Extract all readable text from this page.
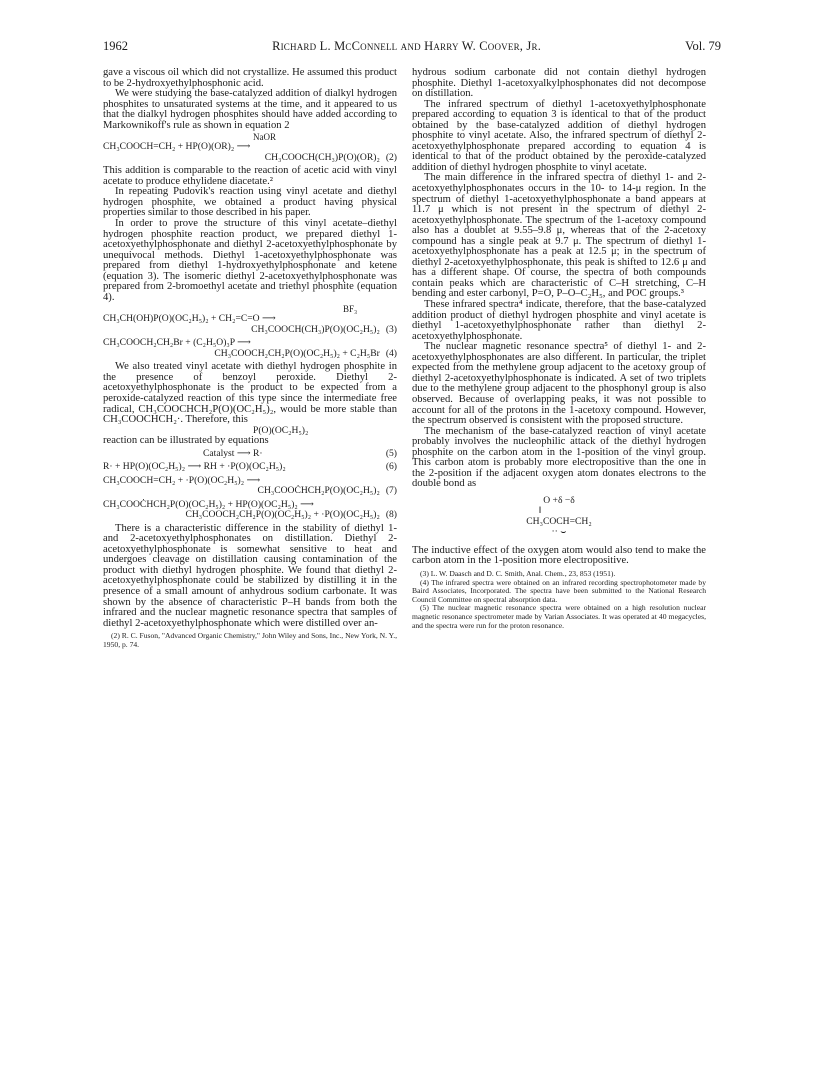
1962	Richard L. McConnell and Harry W. Coover, Jr.	Vol. 79

gave a viscous oil which did not crystallize. He assumed this product to be 2-hydroxyethylphosphonic acid.

We were studying the base-catalyzed addition of dialkyl hydrogen phosphites to unsaturated systems at the time, and it appeared to us that the dialkyl hydrogen phosphites should have added according to Markownikoff's rule as shown in equation 2

NaOR
CH₃COOCH=CH₂ + HP(O)(OR)₂ ⟶
CH₃COOCH(CH₃)P(O)(OR)₂ (2)

This addition is comparable to the reaction of acetic acid with vinyl acetate to produce ethylidene diacetate.²

In repeating Pudovik's reaction using vinyl acetate and diethyl hydrogen phosphite, we obtained a product having physical properties similar to those described in his paper.

In order to prove the structure of this vinyl acetate–diethyl hydrogen phosphite reaction product, we prepared diethyl 1-acetoxyethylphosphonate and diethyl 2-acetoxyethylphosphonate by unequivocal methods. Diethyl 1-acetoxyethylphosphonate was prepared from diethyl 1-hydroxyethylphosphonate and ketene (equation 3). The isomeric diethyl 2-acetoxyethylphosphonate was prepared from 2-bromoethyl acetate and triethyl phosphite (equation 4).

BF₃
CH₃CH(OH)P(O)(OC₂H₅)₂ + CH₂=C=O ⟶
CH₃COOCH(CH₃)P(O)(OC₂H₅)₂ (3)
CH₃COOCH₂CH₂Br + (C₂H₅O)₃P ⟶
CH₃COOCH₂CH₂P(O)(OC₂H₅)₂ + C₂H₅Br (4)

We also treated vinyl acetate with diethyl hydrogen phosphite in the presence of benzoyl peroxide. Diethyl 2-acetoxyethylphosphonate is the product to be expected from a peroxide-catalyzed reaction of this type since the intermediate free radical, CH₃COOCHCH₂P(O)(OC₂H₅)₂, would be more stable than CH₃COOCHCH₂·. Therefore, this

P(O)(OC₂H₅)₂

reaction can be illustrated by equations

Catalyst ⟶ R·	(5)
R· + HP(O)(OC₂H₅)₂ ⟶ RH + ·P(O)(OC₂H₅)₂	(6)
CH₃COOCH=CH₂ + ·P(O)(OC₂H₅)₂ ⟶
CH₃COOĊHCH₂P(O)(OC₂H₅)₂ (7)
CH₃COOĊHCH₂P(O)(OC₂H₅)₂ + HP(O)(OC₂H₅)₂ ⟶
CH₃COOCH₂CH₂P(O)(OC₂H₅)₂ + ·P(O)(OC₂H₅)₂ (8)

There is a characteristic difference in the stability of diethyl 1- and 2-acetoxyethylphosphonates on distillation. Diethyl 2-acetoxyethylphosphonate is somewhat sensitive to heat and undergoes cleavage on distillation causing contamination of the product with diethyl hydrogen phosphite. We found that diethyl 2-acetoxyethylphosphonate could be stabilized by distilling it in the presence of a small amount of anhydrous sodium carbonate. It was shown by the absence of characteristic P–H bands from both the infrared and the nuclear magnetic resonance spectra that samples of diethyl 2-acetoxyethylphosphonate which were distilled over an-

(2) R. C. Fuson, "Advanced Organic Chemistry," John Wiley and Sons, Inc., New York, N. Y., 1950, p. 74.

hydrous sodium carbonate did not contain diethyl hydrogen phosphite. Diethyl 1-acetoxyalkylphosphonates did not decompose on distillation.

The infrared spectrum of diethyl 1-acetoxyethylphosphonate prepared according to equation 3 is identical to that of the product obtained by the base-catalyzed addition of diethyl hydrogen phosphite to vinyl acetate. Also, the infrared spectrum of diethyl 2-acetoxyethylphosphonate prepared according to equation 4 is identical to that of the product obtained by the peroxide-catalyzed addition of diethyl hydrogen phosphite to vinyl acetate.

The main difference in the infrared spectra of diethyl 1- and 2-acetoxyethylphosphonates occurs in the 10- to 14-μ region. In the spectrum of diethyl 1-acetoxyethylphosphonate a band appears at 11.7 μ which is not present in the spectrum of diethyl 2-acetoxyethylphosphonate. The spectrum of the 1-acetoxy compound also has a doublet at 9.55–9.8 μ, whereas that of the 2-acetoxy compound has a single peak at 9.7 μ. The spectrum of diethyl 1-acetoxyethylphosphonate has a peak at 12.5 μ; in the spectrum of diethyl 2-acetoxyethylphosphonate, this peak is shifted to 12.6 μ and has a different shape. Of course, the spectra of both compounds contain peaks which are characteristic of C–H stretching, C–H bending and ester carbonyl, P=O, P–O–C₂H₅, and POC groups.³

These infrared spectra⁴ indicate, therefore, that the base-catalyzed addition product of diethyl hydrogen phosphite and vinyl acetate is diethyl 1-acetoxyethylphosphonate rather than diethyl 2-acetoxyethylphosphonate.

The nuclear magnetic resonance spectra⁵ of diethyl 1- and 2-acetoxyethylphosphonates are also different. In particular, the triplet expected from the methylene group adjacent to the acetoxy group of diethyl 2-acetoxyethylphosphonate is indicated. A set of two triplets due to the methylene group adjacent to the phosphonyl group is also observed. Because of overlapping peaks, it was not possible to account for all of the protons in the 1-acetoxy compound. However, the spectrum observed is consistent with the proposed structure.

The mechanism of the base-catalyzed reaction of vinyl acetate probably involves the nucleophilic attack of the diethyl hydrogen phosphite on the carbon atom in the 1-position of the vinyl group. This carbon atom is probably more electropositive than the one in the 2-position if the adjacent oxygen atom donates electrons to the double bond as

O +δ −δ
‖
CH₃COCH=CH₂
·· ⌣

The inductive effect of the oxygen atom would also tend to make the carbon atom in the 1-position more electropositive.

(3) L. W. Daasch and D. C. Smith, Anal. Chem., 23, 853 (1951).

(4) The infrared spectra were obtained on an infrared recording spectrophotometer made by Baird Associates, Incorporated. The spectra have been submitted to the National Research Council Committee on spectral absorption data.

(5) The nuclear magnetic resonance spectra were obtained on a high resolution nuclear magnetic resonance spectrometer made by Varian Associates. It was operated at 40 megacycles, and the spectra were run for the proton resonance.
